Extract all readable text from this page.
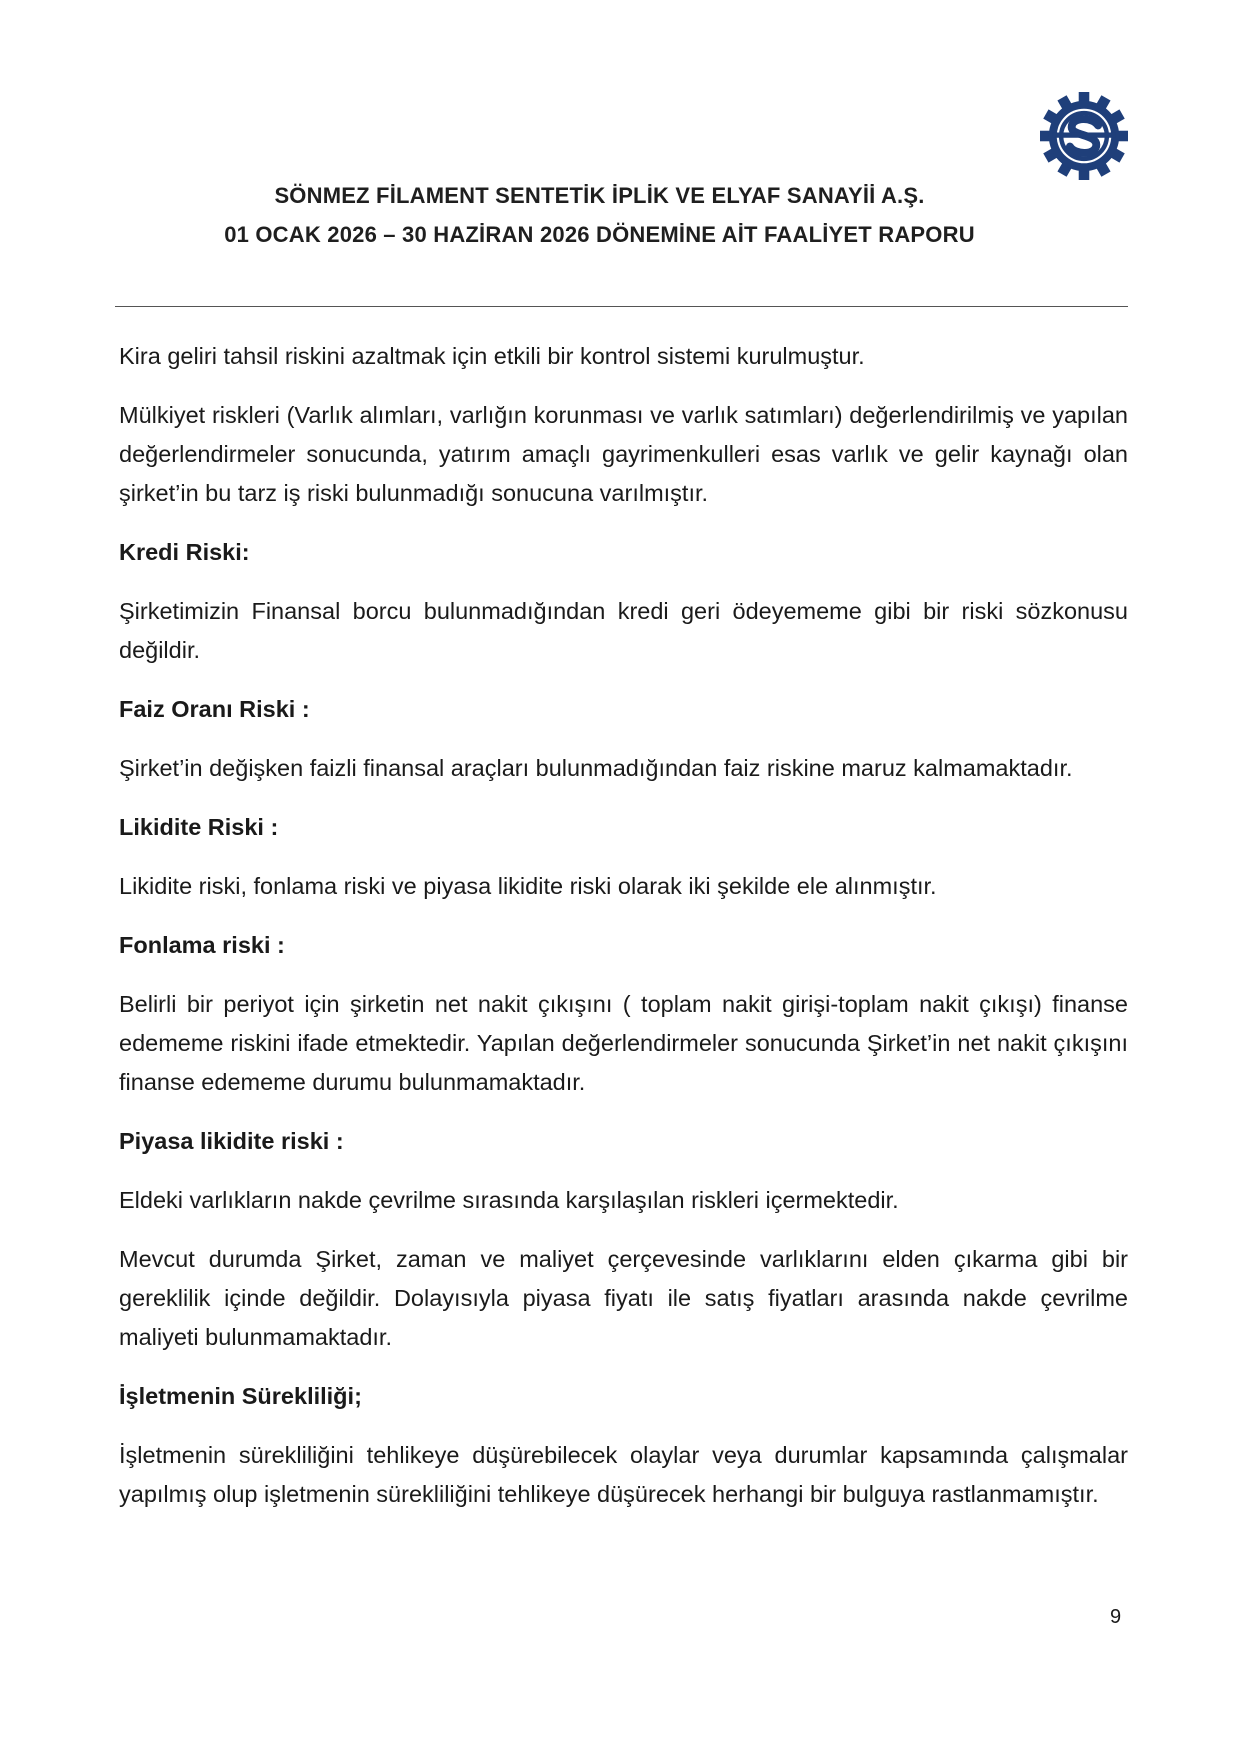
SÖNMEZ FİLAMENT SENTETİK İPLİK VE ELYAF SANAYİİ A.Ş.
01 OCAK 2026 – 30 HAZİRAN 2026 DÖNEMİNE AİT FAALİYET RAPORU

Kira geliri tahsil riskini azaltmak için etkili bir kontrol sistemi kurulmuştur.

Mülkiyet riskleri (Varlık alımları, varlığın korunması ve varlık satımları) değerlendirilmiş ve yapılan değerlendirmeler sonucunda, yatırım amaçlı gayrimenkulleri esas varlık ve gelir kaynağı olan şirket’in bu tarz iş riski bulunmadığı sonucuna varılmıştır.

Kredi Riski:

Şirketimizin Finansal borcu bulunmadığından kredi geri ödeyememe gibi bir riski sözkonusu değildir.

Faiz Oranı Riski :

Şirket’in değişken faizli finansal araçları bulunmadığından faiz riskine maruz kalmamaktadır.

Likidite Riski :

Likidite riski, fonlama riski ve piyasa likidite riski olarak iki şekilde ele alınmıştır.

Fonlama riski :

Belirli bir periyot için şirketin net nakit çıkışını ( toplam nakit girişi-toplam nakit çıkışı) finanse edememe riskini ifade etmektedir. Yapılan değerlendirmeler sonucunda Şirket’in net nakit çıkışını finanse edememe durumu bulunmamaktadır.

Piyasa likidite riski :

Eldeki varlıkların nakde çevrilme sırasında karşılaşılan riskleri içermektedir.

Mevcut durumda Şirket, zaman ve maliyet çerçevesinde varlıklarını elden çıkarma gibi bir gereklilik içinde değildir. Dolayısıyla piyasa fiyatı ile satış fiyatları arasında nakde çevrilme maliyeti bulunmamaktadır.

İşletmenin Sürekliliği;

İşletmenin sürekliliğini tehlikeye düşürebilecek olaylar veya durumlar kapsamında çalışmalar yapılmış olup işletmenin sürekliliğini tehlikeye düşürecek herhangi bir bulguya rastlanmamıştır.

9
